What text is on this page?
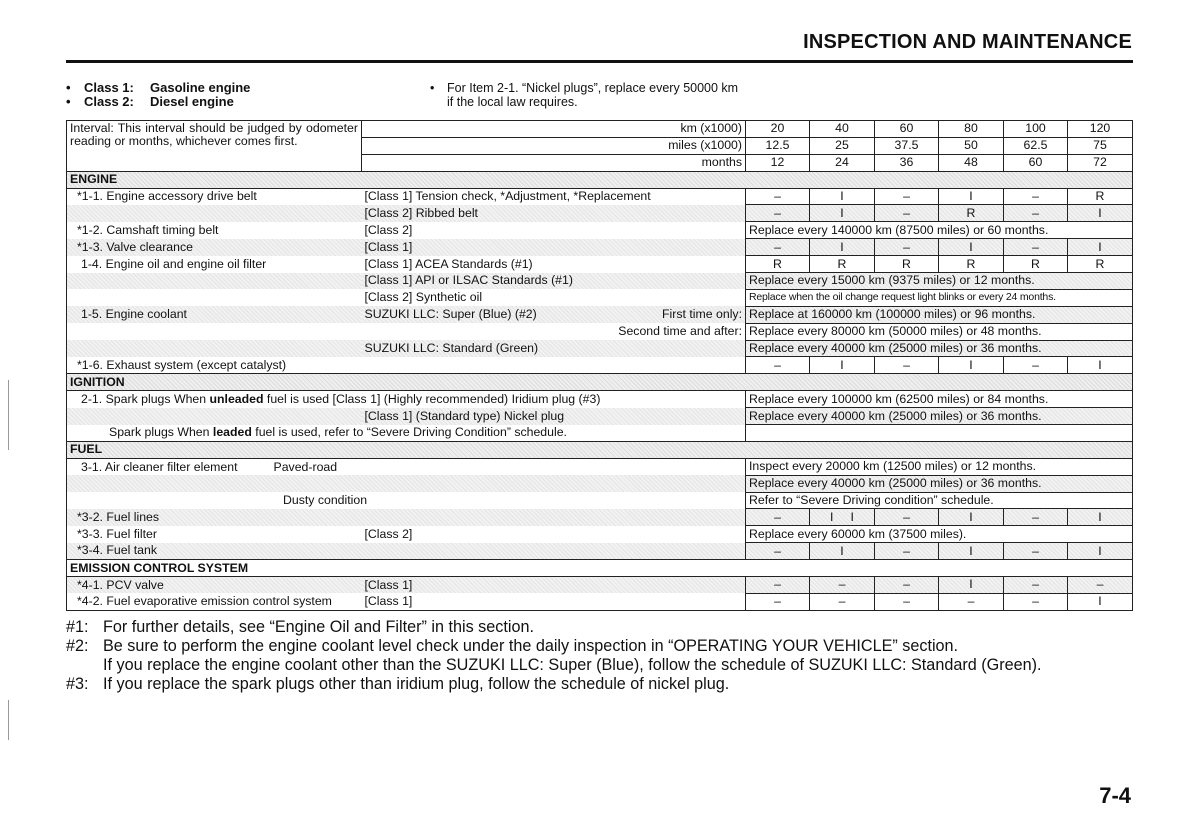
INSPECTION AND MAINTENANCE
• Class 1: Gasoline engine
• Class 2: Diesel engine
• For Item 2-1. “Nickel plugs”, replace every 50000 km
if the local law requires.
Interval: This interval should be judged by odometer reading or months, whichever comes first.	km (x1000)	20	40	60	80	100	120
	miles (x1000)	12.5	25	37.5	50	62.5	75
	months	12	24	36	48	60	72
ENGINE							
*1-1. Engine accessory drive belt	[Class 1] Tension check, *Adjustment, *Replacement	–	I	–	I	–	R
	[Class 2] Ribbed belt	–	I	–	R	–	I
*1-2. Camshaft timing belt	[Class 2]	Replace every 140000 km (87500 miles) or 60 months.					
*1-3. Valve clearance	[Class 1]	–	I	–	I	–	I
1-4. Engine oil and engine oil filter	[Class 1] ACEA Standards (#1)	R	R	R	R	R	R
	[Class 1] API or ILSAC Standards (#1)	Replace every 15000 km (9375 miles) or 12 months.					
	[Class 2] Synthetic oil	Replace when the oil change request light blinks or every 24 months.					
1-5. Engine coolant	SUZUKI LLC: Super (Blue) (#2) First time only:	Replace at 160000 km (100000 miles) or 96 months.					
	Second time and after:	Replace every 80000 km (50000 miles) or 48 months.					
	SUZUKI LLC: Standard (Green)	Replace every 40000 km (25000 miles) or 36 months.					
*1-6. Exhaust system (except catalyst)		–	I	–	I	–	I
IGNITION							
2-1. Spark plugs When unleaded fuel is used [Class 1] (Highly recommended) Iridium plug (#3)		Replace every 100000 km (62500 miles) or 84 months.					
	[Class 1] (Standard type) Nickel plug	Replace every 40000 km (25000 miles) or 36 months.					
Spark plugs When leaded fuel is used, refer to “Severe Driving Condition” schedule.							
FUEL							
3-1. Air cleaner filter element Paved-road		Inspect every 20000 km (12500 miles) or 12 months.					
		Replace every 40000 km (25000 miles) or 36 months.					
Dusty condition		Refer to “Severe Driving condition” schedule.					
*3-2. Fuel lines		–	I I	–	I	–	I
*3-3. Fuel filter	[Class 2]	Replace every 60000 km (37500 miles).					
*3-4. Fuel tank		–	I	–	I	–	I
EMISSION CONTROL SYSTEM							
*4-1. PCV valve	[Class 1]	–	–	–	I	–	–
*4-2. Fuel evaporative emission control system	[Class 1]	–	–	–	–	–	I
#1: For further details, see “Engine Oil and Filter” in this section.
#2: Be sure to perform the engine coolant level check under the daily inspection in “OPERATING YOUR VEHICLE” section.
If you replace the engine coolant other than the SUZUKI LLC: Super (Blue), follow the schedule of SUZUKI LLC: Standard (Green).
#3: If you replace the spark plugs other than iridium plug, follow the schedule of nickel plug.
7-4
